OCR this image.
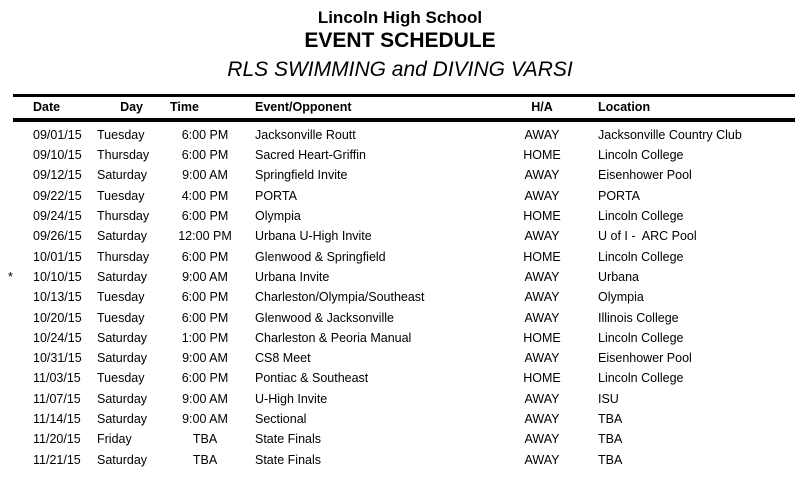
Lincoln High School
EVENT SCHEDULE
RLS SWIMMING and DIVING VARSI
Date	Day	Time	Event/Opponent	H/A	Location
09/01/15	Tuesday	6:00 PM	Jacksonville Routt	AWAY	Jacksonville Country Club
09/10/15	Thursday	6:00 PM	Sacred Heart-Griffin	HOME	Lincoln College
09/12/15	Saturday	9:00 AM	Springfield Invite	AWAY	Eisenhower Pool
09/22/15	Tuesday	4:00 PM	PORTA	AWAY	PORTA
09/24/15	Thursday	6:00 PM	Olympia	HOME	Lincoln College
09/26/15	Saturday	12:00 PM	Urbana U-High Invite	AWAY	U of I -  ARC Pool
10/01/15	Thursday	6:00 PM	Glenwood & Springfield	HOME	Lincoln College
*	10/10/15	Saturday	9:00 AM	Urbana Invite	AWAY	Urbana
10/13/15	Tuesday	6:00 PM	Charleston/Olympia/Southeast	AWAY	Olympia
10/20/15	Tuesday	6:00 PM	Glenwood & Jacksonville	AWAY	Illinois College
10/24/15	Saturday	1:00 PM	Charleston & Peoria Manual	HOME	Lincoln College
10/31/15	Saturday	9:00 AM	CS8 Meet	AWAY	Eisenhower Pool
11/03/15	Tuesday	6:00 PM	Pontiac & Southeast	HOME	Lincoln College
11/07/15	Saturday	9:00 AM	U-High Invite	AWAY	ISU
11/14/15	Saturday	9:00 AM	Sectional	AWAY	TBA
11/20/15	Friday	TBA	State Finals	AWAY	TBA
11/21/15	Saturday	TBA	State Finals	AWAY	TBA
